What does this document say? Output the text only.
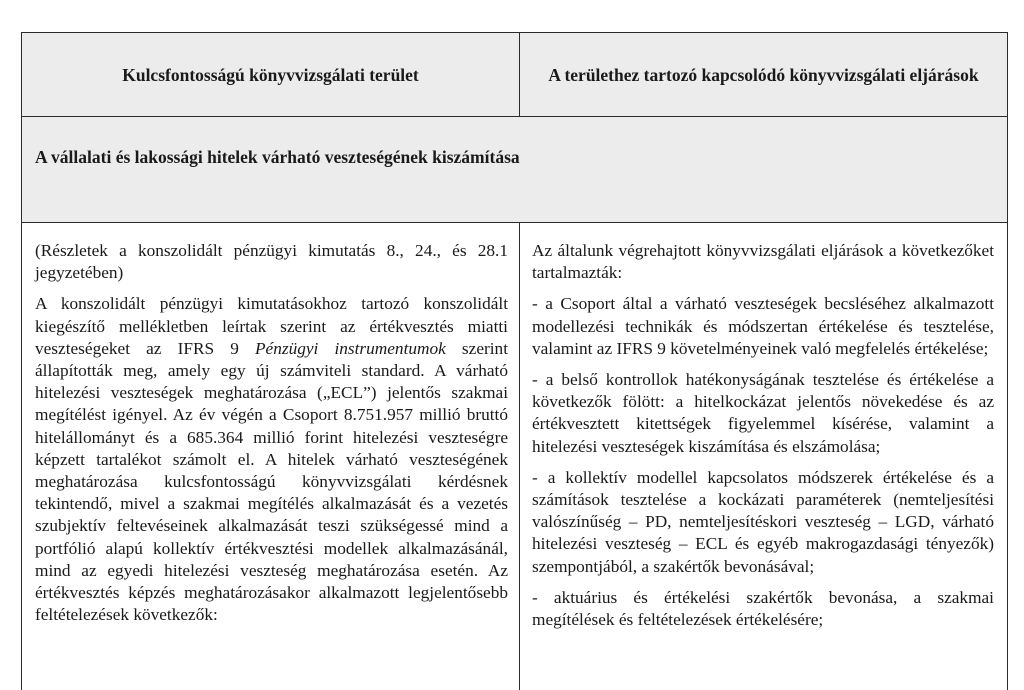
Kulcsfontosságú könyvvizsgálati terület	A területhez tartozó kapcsolódó könyvvizsgálati eljárások
A vállalati és lakossági hitelek várható veszteségének kiszámítása

(Részletek a konszolidált pénzügyi kimutatás 8., 24., és 28.1 jegyzetében)

A konszolidált pénzügyi kimutatásokhoz tartozó konszolidált kiegészítő mellékletben leírtak szerint az értékvesztés miatti veszteségeket az IFRS 9 Pénzügyi instrumentumok szerint állapították meg, amely egy új számviteli standard. A várható hitelezési veszteségek meghatározása („ECL”) jelentős szakmai megítélést igényel. Az év végén a Csoport 8.751.957 millió bruttó hitelállományt és a 685.364 millió forint hitelezési veszteségre képzett tartalékot számolt el. A hitelek várható veszteségének meghatározása kulcsfontosságú könyvvizsgálati kérdésnek tekintendő, mivel a szakmai megítélés alkalmazását és a vezetés szubjektív feltevéseinek alkalmazását teszi szükségessé mind a portfólió alapú kollektív értékvesztési modellek alkalmazásánál, mind az egyedi hitelezési veszteség meghatározása esetén. Az értékvesztés képzés meghatározásakor alkalmazott legjelentősebb feltételezések következők:

Az általunk végrehajtott könyvvizsgálati eljárások a következőket tartalmazták:

- a Csoport által a várható veszteségek becsléséhez alkalmazott modellezési technikák és módszertan értékelése és tesztelése, valamint az IFRS 9 követelményeinek való megfelelés értékelése;

- a belső kontrollok hatékonyságának tesztelése és értékelése a következők fölött: a hitelkockázat jelentős növekedése és az értékvesztett kitettségek figyelemmel kísérése, valamint a hitelezési veszteségek kiszámítása és elszámolása;

- a kollektív modellel kapcsolatos módszerek értékelése és a számítások tesztelése a kockázati paraméterek (nemteljesítési valószínűség – PD, nemteljesítéskori veszteség – LGD, várható hitelezési veszteség – ECL és egyéb makrogazdasági tényezők) szempontjából, a szakértők bevonásával;

- aktuárius és értékelési szakértők bevonása, a szakmai megítélések és feltételezések értékelésére;
